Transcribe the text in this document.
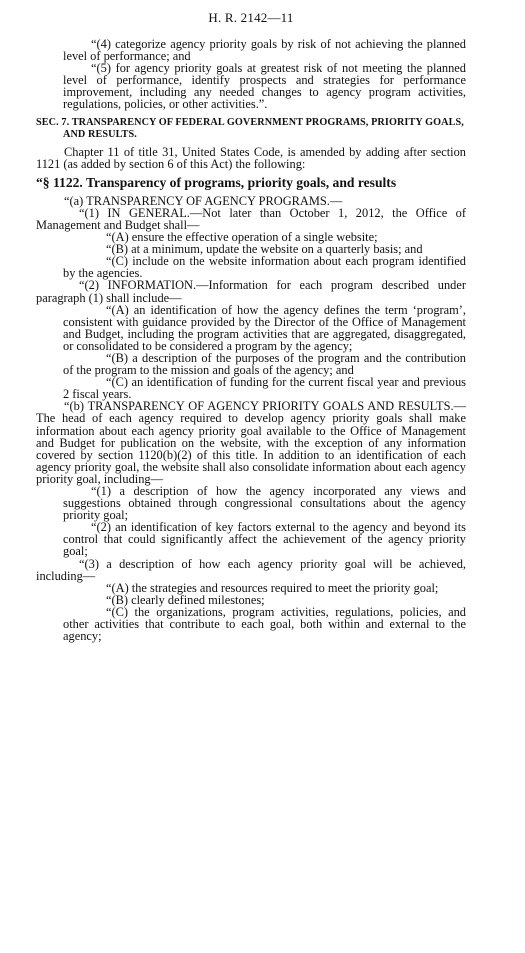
H. R. 2142—11

“(4) categorize agency priority goals by risk of not achieving the planned level of performance; and

“(5) for agency priority goals at greatest risk of not meeting the planned level of performance, identify prospects and strategies for performance improvement, including any needed changes to agency program activities, regulations, policies, or other activities.”.

SEC. 7. TRANSPARENCY OF FEDERAL GOVERNMENT PROGRAMS, PRIORITY GOALS, AND RESULTS.

Chapter 11 of title 31, United States Code, is amended by adding after section 1121 (as added by section 6 of this Act) the following:

“§ 1122. Transparency of programs, priority goals, and results

“(a) TRANSPARENCY OF AGENCY PROGRAMS.—

“(1) IN GENERAL.—Not later than October 1, 2012, the Office of Management and Budget shall—

“(A) ensure the effective operation of a single website;

“(B) at a minimum, update the website on a quarterly basis; and

“(C) include on the website information about each program identified by the agencies.

“(2) INFORMATION.—Information for each program described under paragraph (1) shall include—

“(A) an identification of how the agency defines the term ‘program’, consistent with guidance provided by the Director of the Office of Management and Budget, including the program activities that are aggregated, disaggregated, or consolidated to be considered a program by the agency;

“(B) a description of the purposes of the program and the contribution of the program to the mission and goals of the agency; and

“(C) an identification of funding for the current fiscal year and previous 2 fiscal years.

“(b) TRANSPARENCY OF AGENCY PRIORITY GOALS AND RESULTS.—The head of each agency required to develop agency priority goals shall make information about each agency priority goal available to the Office of Management and Budget for publication on the website, with the exception of any information covered by section 1120(b)(2) of this title. In addition to an identification of each agency priority goal, the website shall also consolidate information about each agency priority goal, including—

“(1) a description of how the agency incorporated any views and suggestions obtained through congressional consultations about the agency priority goal;

“(2) an identification of key factors external to the agency and beyond its control that could significantly affect the achievement of the agency priority goal;

“(3) a description of how each agency priority goal will be achieved, including—

“(A) the strategies and resources required to meet the priority goal;

“(B) clearly defined milestones;

“(C) the organizations, program activities, regulations, policies, and other activities that contribute to each goal, both within and external to the agency;
